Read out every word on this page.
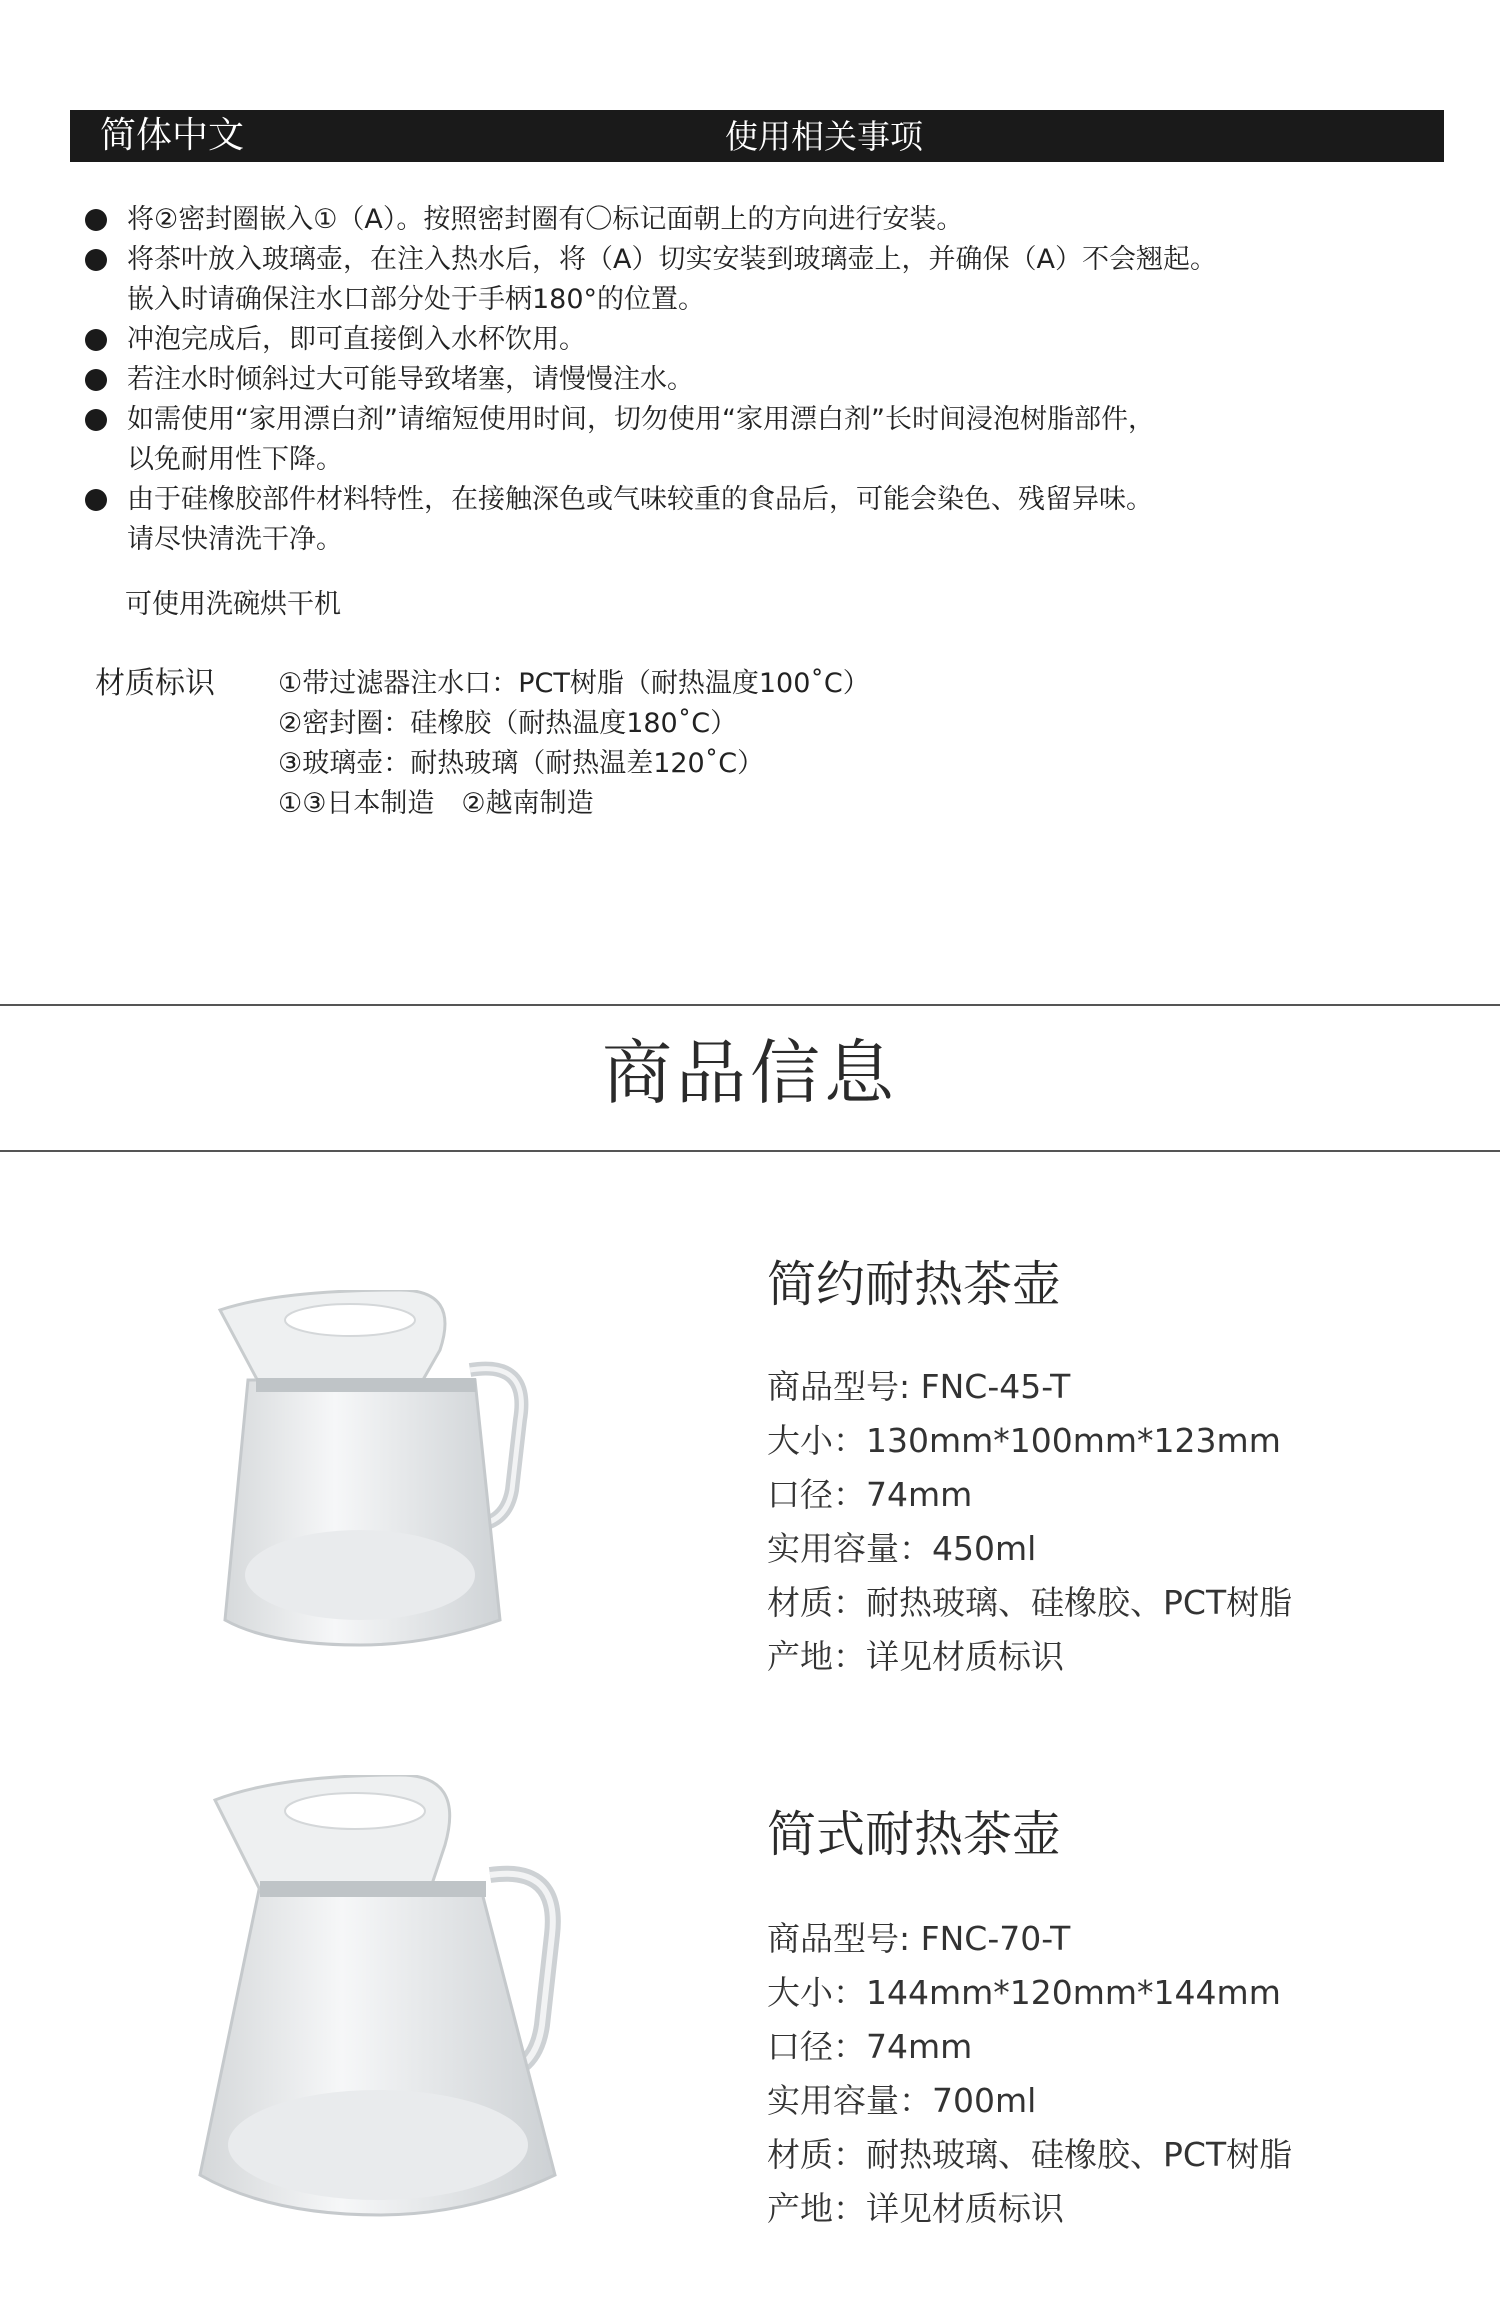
简体中文	使用相关事项
将②密封圈嵌入①（A）。按照密封圈有〇标记面朝上的方向进行安装。
将茶叶放入玻璃壶，在注入热水后，将（A）切实安装到玻璃壶上，并确保（A）不会翘起。
嵌入时请确保注水口部分处于手柄180°的位置。
冲泡完成后，即可直接倒入水杯饮用。
若注水时倾斜过大可能导致堵塞，请慢慢注水。
如需使用“家用漂白剂”请缩短使用时间，切勿使用“家用漂白剂”长时间浸泡树脂部件，
以免耐用性下降。
由于硅橡胶部件材料特性，在接触深色或气味较重的食品后，可能会染色、残留异味。
请尽快清洗干净。
可使用洗碗烘干机
材质标识 ①带过滤器注水口：PCT树脂（耐热温度100˚C）
②密封圈：硅橡胶（耐热温度180˚C）
③玻璃壶：耐热玻璃（耐热温差120˚C）
①③日本制造　②越南制造
商品信息
简约耐热茶壶
商品型号: FNC-45-T
大小：130mm*100mm*123mm
口径：74mm
实用容量：450ml
材质：耐热玻璃、硅橡胶、PCT树脂
产地：详见材质标识
简式耐热茶壶
商品型号: FNC-70-T
大小：144mm*120mm*144mm
口径：74mm
实用容量：700ml
材质：耐热玻璃、硅橡胶、PCT树脂
产地：详见材质标识
